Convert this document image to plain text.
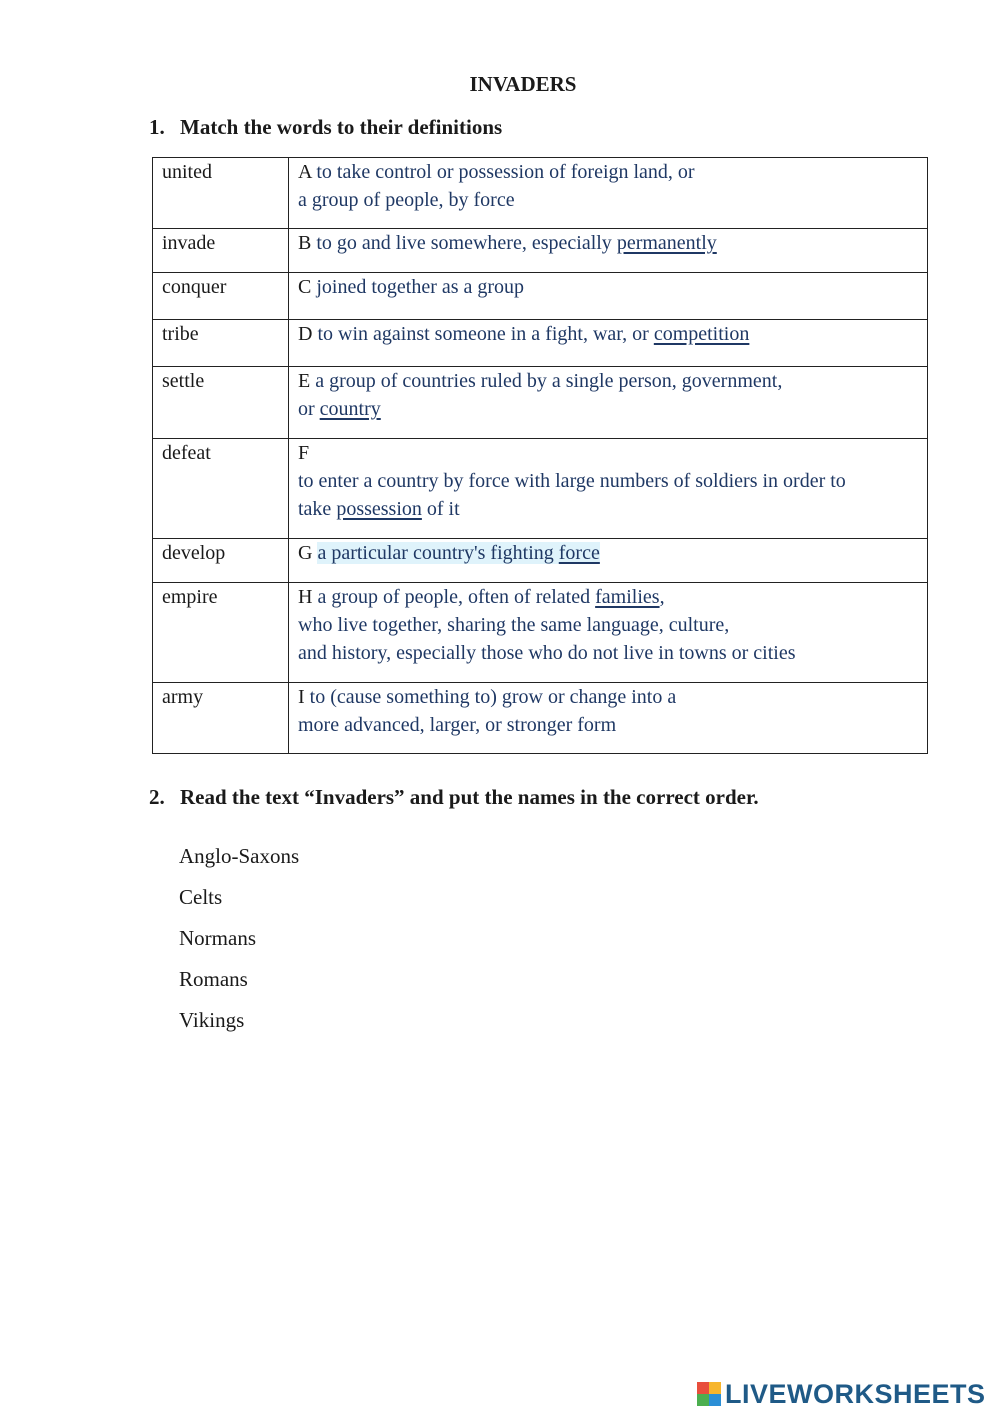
INVADERS
1. Match the words to their definitions
united	A to take control or possession of foreign land, or
a group of people, by force
invade	B to go and live somewhere, especially permanently
conquer	C joined together as a group
tribe	D to win against someone in a fight, war, or competition
settle	E a group of countries ruled by a single person, government,
or country
defeat	F
to enter a country by force with large numbers of soldiers in order to
take possession of it
develop	G a particular country's fighting force
empire	H a group of people, often of related families,
who live together, sharing the same language, culture,
and history, especially those who do not live in towns or cities
army	I to (cause something to) grow or change into a
more advanced, larger, or stronger form
2. Read the text “Invaders” and put the names in the correct order.
Anglo-Saxons
Celts
Normans
Romans
Vikings
LIVEWORKSHEETS
